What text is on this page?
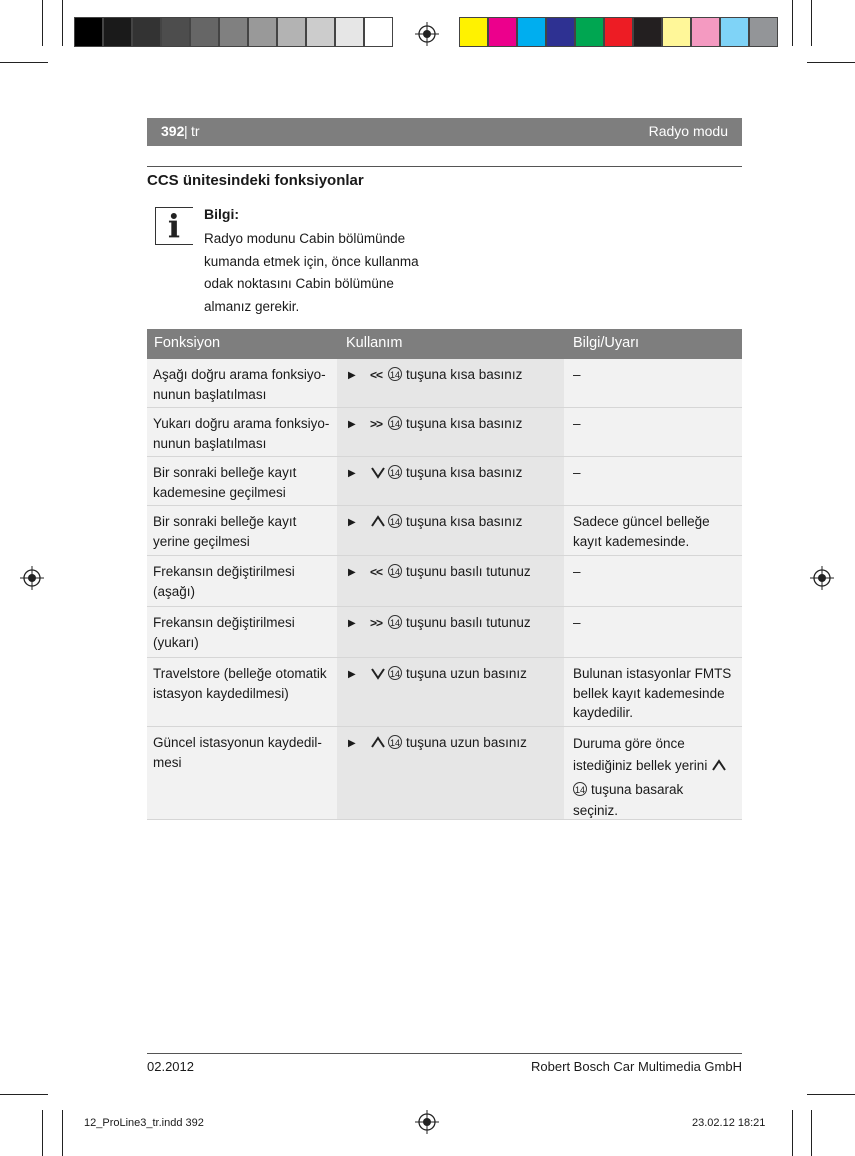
392 | tr	Radyo modu
CCS ünitesindeki fonksiyonlar
i	Bilgi:
Radyo modunu Cabin bölümünde
kumanda etmek için, önce kullanma
odak noktasını Cabin bölümüne
almanız gerekir.
Fonksiyon	Kullanım	Bilgi/Uyarı
Aşağı doğru arama fonksiyo-
nunun başlatılması
▶ << 14 tuşuna kısa basınız	–
Yukarı doğru arama fonksiyo-
nunun başlatılması
▶ >> 14 tuşuna kısa basınız	–
Bir sonraki belleğe kayıt
kademesine geçilmesi
▶	14 tuşuna kısa basınız	–
Bir sonraki belleğe kayıt
yerine geçilmesi
▶	14 tuşuna kısa basınız	Sadece güncel belleğe
kayıt kademesinde.
Frekansın değiştirilmesi
(aşağı)
▶ << 14 tuşunu basılı tutunuz	–
Frekansın değiştirilmesi
(yukarı)
▶ >> 14 tuşunu basılı tutunuz	–
Travelstore (belleğe otomatik
istasyon kaydedilmesi)
▶	14 tuşuna uzun basınız	Bulunan istasyonlar FMTS
bellek kayıt kademesinde
kaydedilir.
Güncel istasyonun kaydedil-
mesi
▶	14 tuşuna uzun basınız	Duruma göre önce
istediğiniz bellek yerini
14 tuşuna basarak
seçiniz.
02.2012	Robert Bosch Car Multimedia GmbH
12_ProLine3_tr.indd 392	23.02.12 18:21
